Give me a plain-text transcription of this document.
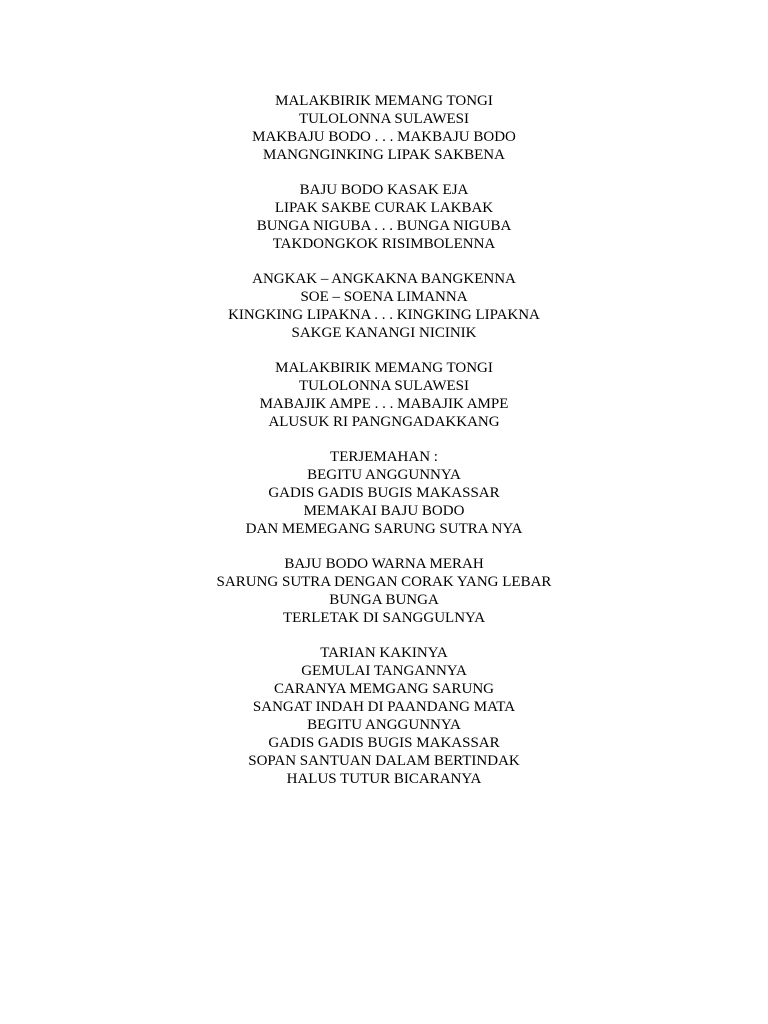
MALAKBIRIK MEMANG TONGI
TULOLONNA SULAWESI
MAKBAJU BODO . . . MAKBAJU BODO
MANGNGINKING LIPAK SAKBENA
BAJU BODO KASAK EJA
LIPAK SAKBE CURAK LAKBAK
BUNGA NIGUBA . . . BUNGA NIGUBA
TAKDONGKOK RISIMBOLENNA
ANGKAK – ANGKAKNA BANGKENNA
SOE – SOENA LIMANNA
KINGKING LIPAKNA . . . KINGKING LIPAKNA
SAKGE KANANGI NICINIK
MALAKBIRIK MEMANG TONGI
TULOLONNA SULAWESI
MABAJIK AMPE . . . MABAJIK AMPE
ALUSUK RI PANGNGADAKKANG
TERJEMAHAN :
BEGITU ANGGUNNYA
GADIS GADIS BUGIS MAKASSAR
MEMAKAI BAJU BODO
DAN MEMEGANG SARUNG SUTRA NYA
BAJU BODO WARNA MERAH
SARUNG SUTRA DENGAN CORAK YANG LEBAR
BUNGA BUNGA
TERLETAK DI SANGGULNYA
TARIAN KAKINYA
GEMULAI TANGANNYA
CARANYA MEMGANG SARUNG
SANGAT INDAH DI PAANDANG MATA
BEGITU ANGGUNNYA
GADIS GADIS BUGIS MAKASSAR
SOPAN SANTUAN DALAM BERTINDAK
HALUS TUTUR BICARANYA
